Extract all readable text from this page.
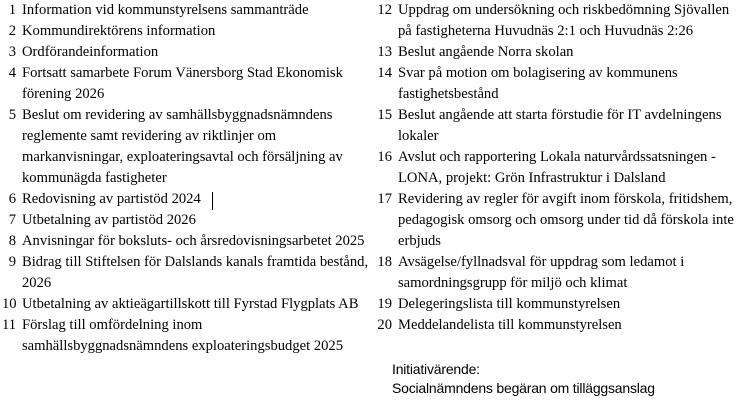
1 Information vid kommunstyrelsens sammanträde
2 Kommundirektörens information
3 Ordförandeinformation
4 Fortsatt samarbete Forum Vänersborg Stad Ekonomisk förening 2026
5 Beslut om revidering av samhällsbyggnadsnämndens reglemente samt revidering av riktlinjer om markanvisningar, exploateringsavtal och försäljning av kommunägda fastigheter
6 Redovisning av partistöd 2024
7 Utbetalning av partistöd 2026
8 Anvisningar för boksluts- och årsredovisningsarbetet 2025
9 Bidrag till Stiftelsen för Dalslands kanals framtida bestånd, 2026
10 Utbetalning av aktieägartillskott till Fyrstad Flygplats AB
11 Förslag till omfördelning inom samhällsbyggnadsnämndens exploateringsbudget 2025
12 Uppdrag om undersökning och riskbedömning Sjövallen på fastigheterna Huvudnäs 2:1 och Huvudnäs 2:26
13 Beslut angående Norra skolan
14 Svar på motion om bolagisering av kommunens fastighetsbestånd
15 Beslut angående att starta förstudie för IT avdelningens lokaler
16 Avslut och rapportering Lokala naturvårdssatsningen - LONA, projekt: Grön Infrastruktur i Dalsland
17 Revidering av regler för avgift inom förskola, fritidshem, pedagogisk omsorg och omsorg under tid då förskola inte erbjuds
18 Avsägelse/fyllnadsval för uppdrag som ledamot i samordningsgrupp för miljö och klimat
19 Delegeringslista till kommunstyrelsen
20 Meddelandelista till kommunstyrelsen
Initiativärende:
Socialnämndens begäran om tilläggsanslag
